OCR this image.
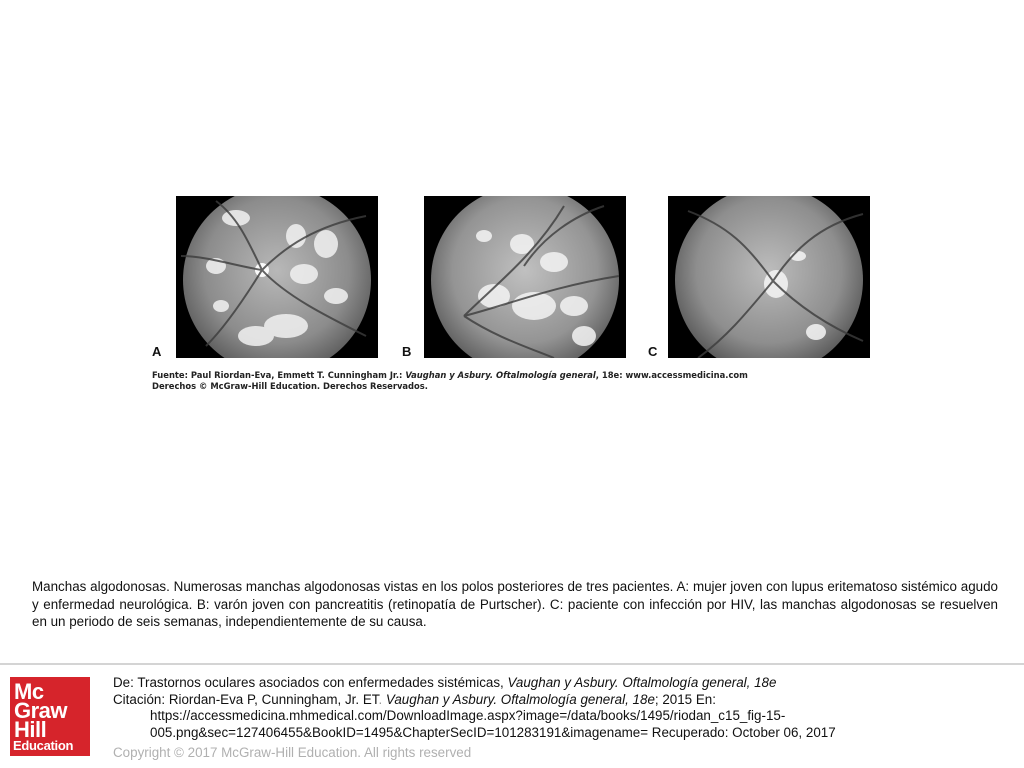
A	B	C
Fuente: Paul Riordan-Eva, Emmett T. Cunningham Jr.: Vaughan y Asbury. Oftalmología general, 18e: www.accessmedicina.com
Derechos © McGraw-Hill Education. Derechos Reservados.
Manchas algodonosas. Numerosas manchas algodonosas vistas en los polos posteriores de tres pacientes. A: mujer joven con lupus eritematoso sistémico agudo y enfermedad neurológica. B: varón joven con pancreatitis (retinopatía de Purtscher). C: paciente con infección por HIV, las manchas algodonosas se resuelven en un periodo de seis semanas, independientemente de su causa.
Mc
Graw
Hill
Education
De: Trastornos oculares asociados con enfermedades sistémicas, Vaughan y Asbury. Oftalmología general, 18e
Citación: Riordan-Eva P, Cunningham, Jr. ET. Vaughan y Asbury. Oftalmología general, 18e; 2015 En:
https://accessmedicina.mhmedical.com/DownloadImage.aspx?image=/data/books/1495/riodan_c15_fig-15-
005.png&sec=127406455&BookID=1495&ChapterSecID=101283191&imagename= Recuperado: October 06, 2017
Copyright © 2017 McGraw-Hill Education. All rights reserved
